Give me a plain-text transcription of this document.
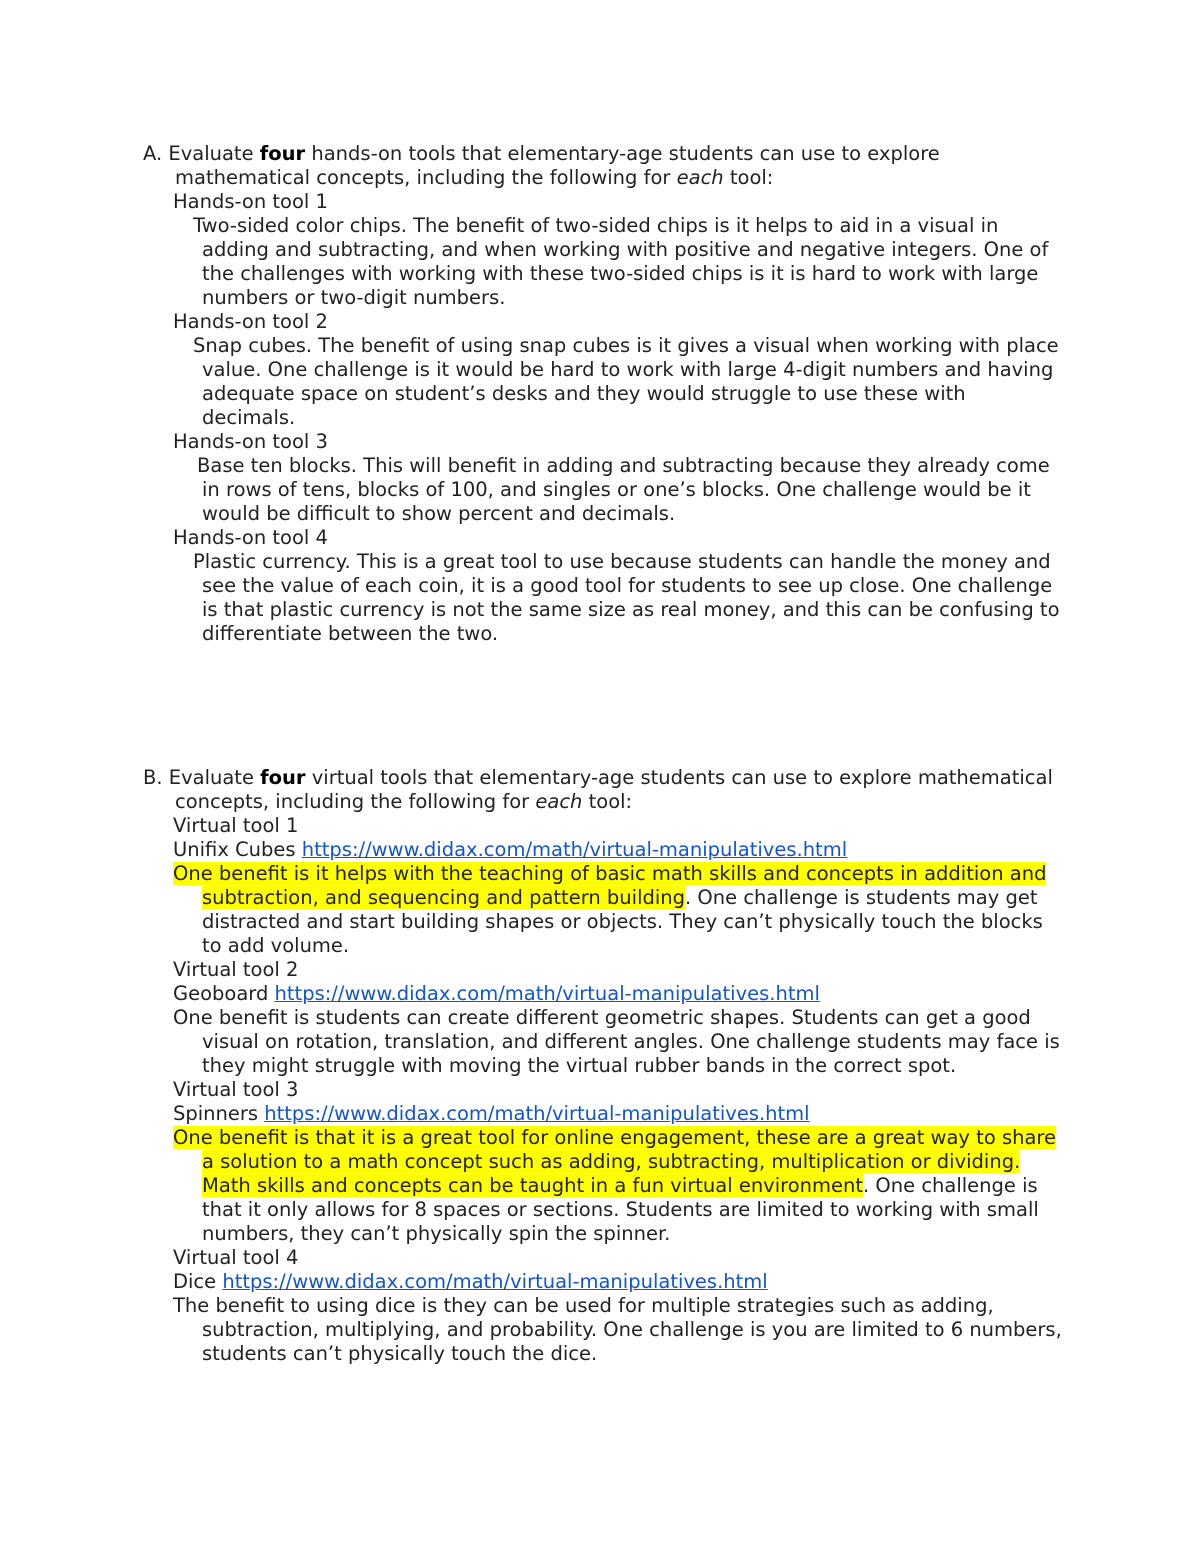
A. Evaluate four hands-on tools that elementary-age students can use to explore mathematical concepts, including the following for each tool:

Hands-on tool 1

Two-sided color chips. The benefit of two-sided chips is it helps to aid in a visual in adding and subtracting, and when working with positive and negative integers. One of the challenges with working with these two-sided chips is it is hard to work with large numbers or two-digit numbers.

Hands-on tool 2

Snap cubes. The benefit of using snap cubes is it gives a visual when working with place value. One challenge is it would be hard to work with large 4-digit numbers and having adequate space on student’s desks and they would struggle to use these with decimals.

Hands-on tool 3

Base ten blocks. This will benefit in adding and subtracting because they already come in rows of tens, blocks of 100, and singles or one’s blocks. One challenge would be it would be difficult to show percent and decimals.

Hands-on tool 4

Plastic currency. This is a great tool to use because students can handle the money and see the value of each coin, it is a good tool for students to see up close. One challenge is that plastic currency is not the same size as real money, and this can be confusing to differentiate between the two.

B. Evaluate four virtual tools that elementary-age students can use to explore mathematical concepts, including the following for each tool:

Virtual tool 1

Unifix Cubes https://www.didax.com/math/virtual-manipulatives.html

One benefit is it helps with the teaching of basic math skills and concepts in addition and subtraction, and sequencing and pattern building. One challenge is students may get distracted and start building shapes or objects. They can’t physically touch the blocks to add volume.

Virtual tool 2

Geoboard https://www.didax.com/math/virtual-manipulatives.html

One benefit is students can create different geometric shapes. Students can get a good visual on rotation, translation, and different angles. One challenge students may face is they might struggle with moving the virtual rubber bands in the correct spot.

Virtual tool 3

Spinners https://www.didax.com/math/virtual-manipulatives.html

One benefit is that it is a great tool for online engagement, these are a great way to share a solution to a math concept such as adding, subtracting, multiplication or dividing. Math skills and concepts can be taught in a fun virtual environment. One challenge is that it only allows for 8 spaces or sections. Students are limited to working with small numbers, they can’t physically spin the spinner.

Virtual tool 4

Dice https://www.didax.com/math/virtual-manipulatives.html

The benefit to using dice is they can be used for multiple strategies such as adding, subtraction, multiplying, and probability. One challenge is you are limited to 6 numbers, students can’t physically touch the dice.
